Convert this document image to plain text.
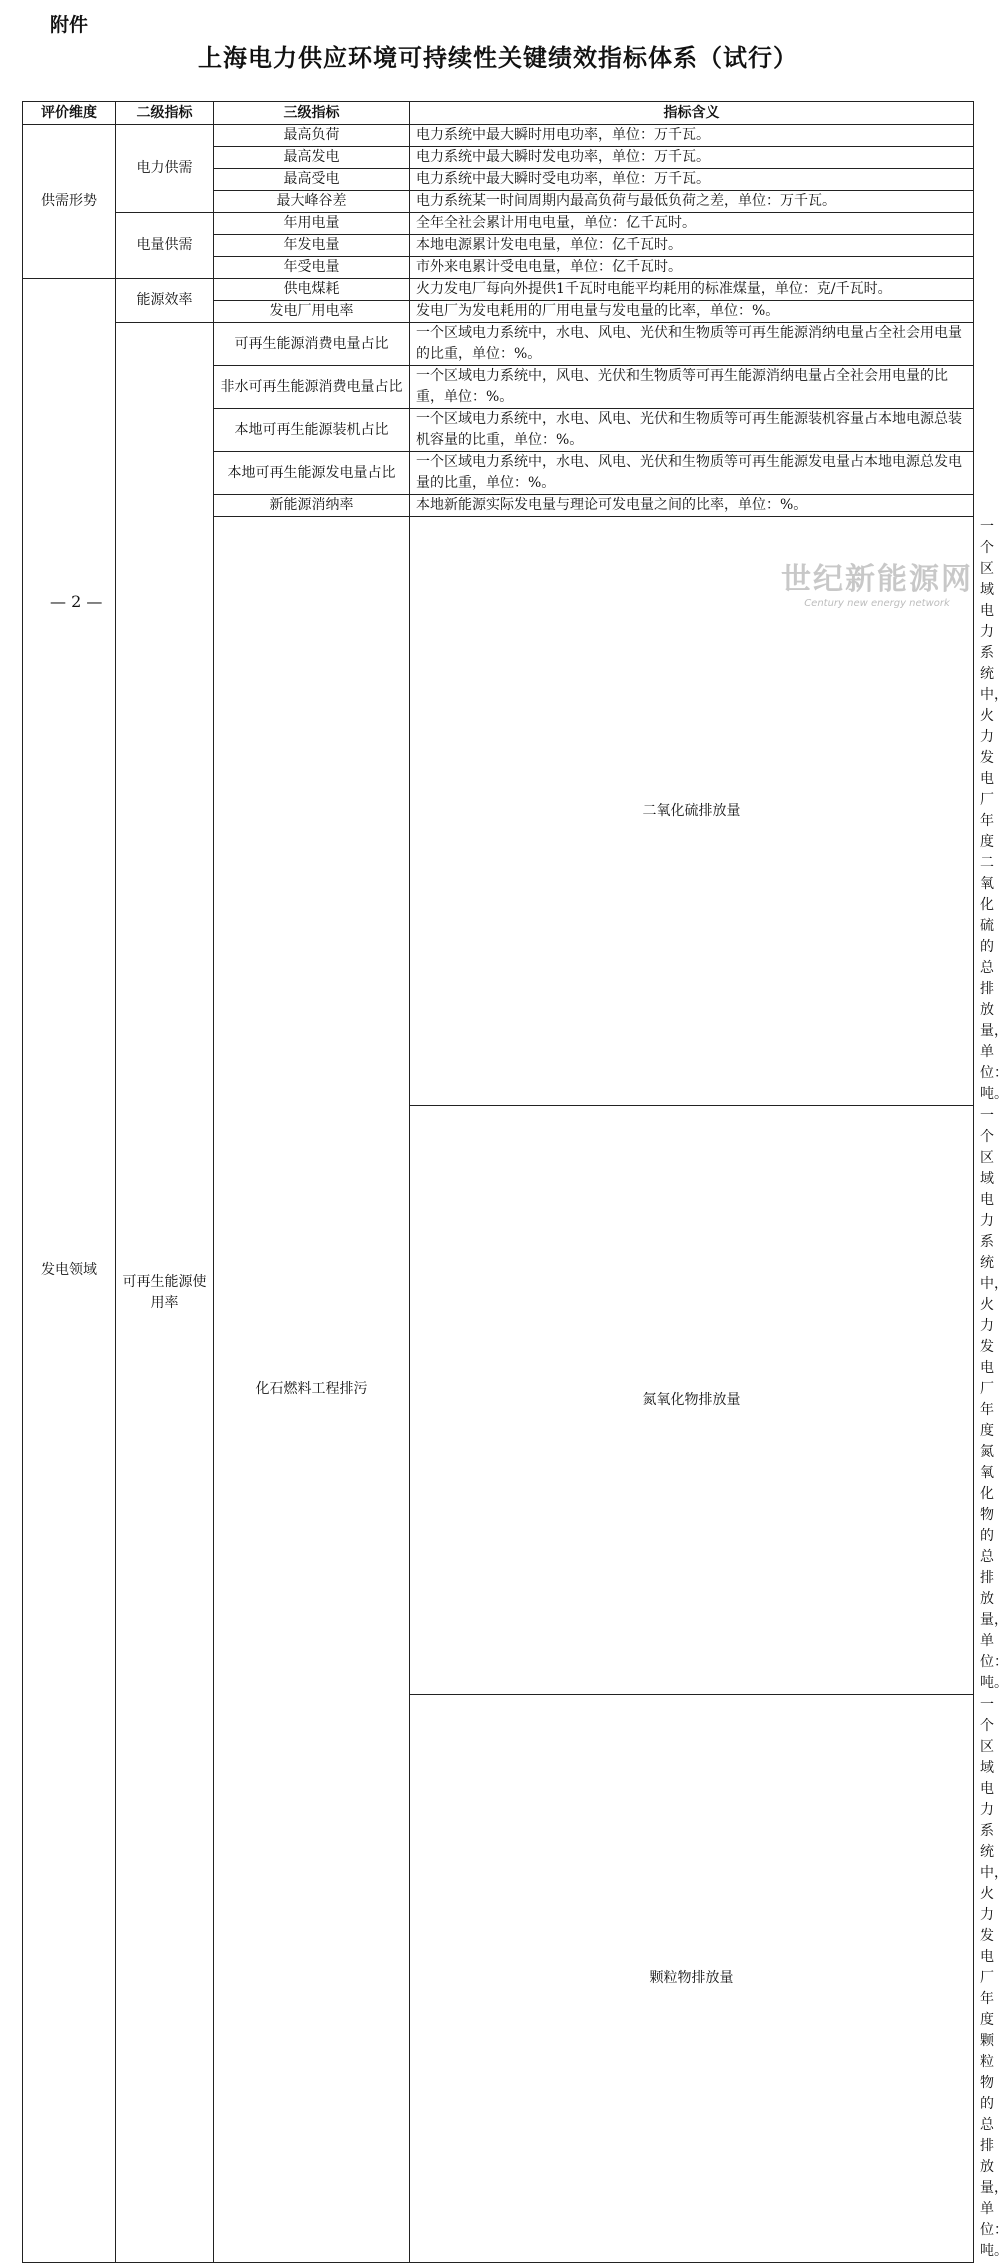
附件
上海电力供应环境可持续性关键绩效指标体系（试行）
评价维度	二级指标	三级指标	指标含义	
供需形势	电力供需	最高负荷	电力系统中最大瞬时用电功率，单位：万千瓦。	
		最高发电	电力系统中最大瞬时发电功率，单位：万千瓦。	
		最高受电	电力系统中最大瞬时受电功率，单位：万千瓦。	
		最大峰谷差	电力系统某一时间周期内最高负荷与最低负荷之差，单位：万千瓦。	
	电量供需	年用电量	全年全社会累计用电电量，单位：亿千瓦时。	
		年发电量	本地电源累计发电电量，单位：亿千瓦时。	
		年受电量	市外来电累计受电电量，单位：亿千瓦时。	
发电领域	能源效率	供电煤耗	火力发电厂每向外提供1千瓦时电能平均耗用的标准煤量，单位：克/千瓦时。	
		发电厂用电率	发电厂为发电耗用的厂用电量与发电量的比率，单位：%。	
	可再生能源使用率	可再生能源消费电量占比	一个区域电力系统中，水电、风电、光伏和生物质等可再生能源消纳电量占全社会用电量的比重，单位：%。	
		非水可再生能源消费电量占比	一个区域电力系统中，风电、光伏和生物质等可再生能源消纳电量占全社会用电量的比重，单位：%。	
		本地可再生能源装机占比	一个区域电力系统中，水电、风电、光伏和生物质等可再生能源装机容量占本地电源总装机容量的比重，单位：%。	
		本地可再生能源发电量占比	一个区域电力系统中，水电、风电、光伏和生物质等可再生能源发电量占本地电源总发电量的比重，单位：%。	
		新能源消纳率	本地新能源实际发电量与理论可发电量之间的比率，单位：%。	
		化石燃料工程排污	二氧化硫排放量	一个区域电力系统中，火力发电厂年度二氧化硫的总排放量，单位：吨。
			氮氧化物排放量	一个区域电力系统中，火力发电厂年度氮氧化物的总排放量，单位：吨。
			颗粒物排放量	一个区域电力系统中，火力发电厂年度颗粒物的总排放量，单位：吨。
— 2 —
世纪新能源网
Century new energy network
